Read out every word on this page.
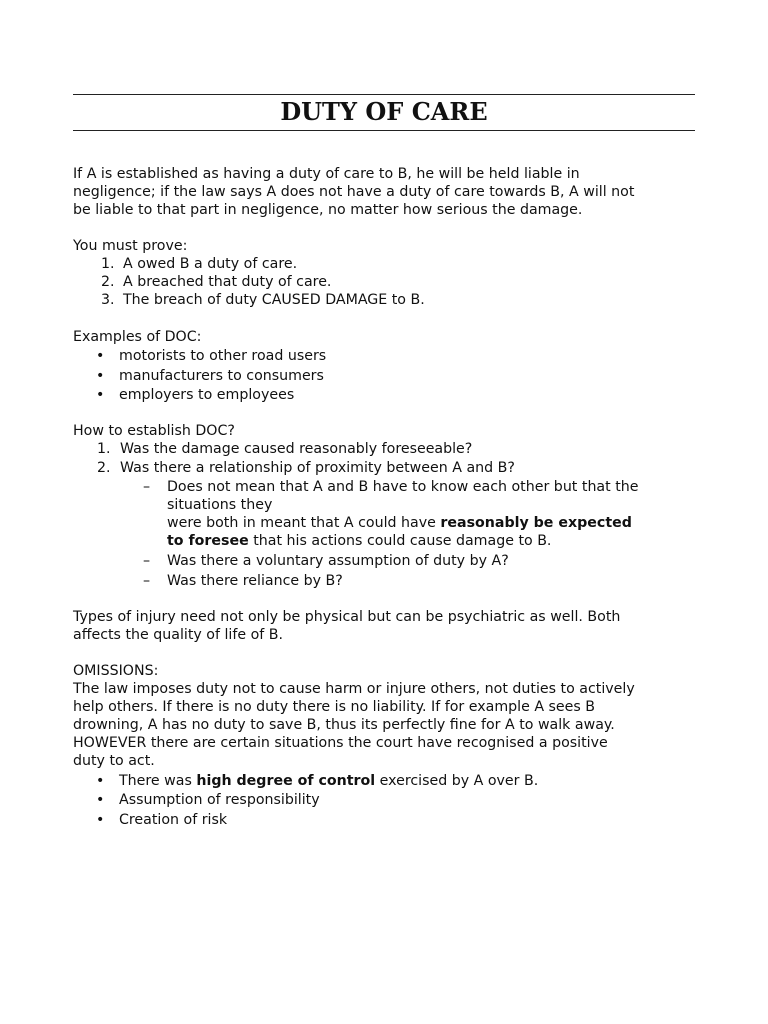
DUTY OF CARE
If A is established as having a duty of care to B, he will be held liable in
negligence; if the law says A does not have a duty of care towards B, A will not
be liable to that part in negligence, no matter how serious the damage.
You must prove:
1. A owed B a duty of care.
2. A breached that duty of care.
3. The breach of duty CAUSED DAMAGE to B.
Examples of DOC:
• motorists to other road users
• manufacturers to consumers
• employers to employees
How to establish DOC?
1. Was the damage caused reasonably foreseeable?
2. Was there a relationship of proximity between A and B?
– Does not mean that A and B have to know each other but that the
situations they
were both in meant that A could have reasonably be expected
to foresee that his actions could cause damage to B.
– Was there a voluntary assumption of duty by A?
– Was there reliance by B?
Types of injury need not only be physical but can be psychiatric as well. Both
affects the quality of life of B.
OMISSIONS:
The law imposes duty not to cause harm or injure others, not duties to actively
help others. If there is no duty there is no liability. If for example A sees B
drowning, A has no duty to save B, thus its perfectly fine for A to walk away.
HOWEVER there are certain situations the court have recognised a positive
duty to act.
• There was high degree of control exercised by A over B.
• Assumption of responsibility
• Creation of risk
